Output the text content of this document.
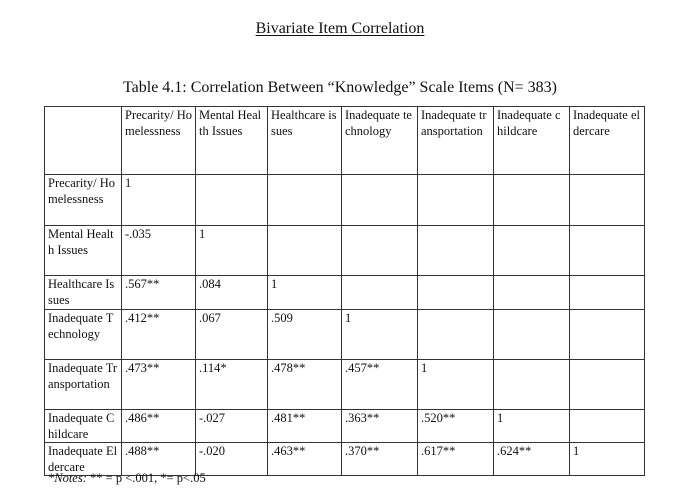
Bivariate Item Correlation
Table 4.1: Correlation Between “Knowledge” Scale Items (N= 383)
	Precarity/ Homelessness	Mental Health Issues	Healthcare issues	Inadequate technology	Inadequate transportation	Inadequate childcare	Inadequate eldercare
Precarity/ Homelessness	1						
Mental Health Issues	-.035	1					
Healthcare Issues	.567**	.084	1				
Inadequate Technology	.412**	.067	.509	1			
Inadequate Transportation	.473**	.114*	.478**	.457**	1		
Inadequate Childcare	.486**	-.027	.481**	.363**	.520**	1	
Inadequate Eldercare	.488**	-.020	.463**	.370**	.617**	.624**	1
*Notes: ** = p <.001, *= p<.05
